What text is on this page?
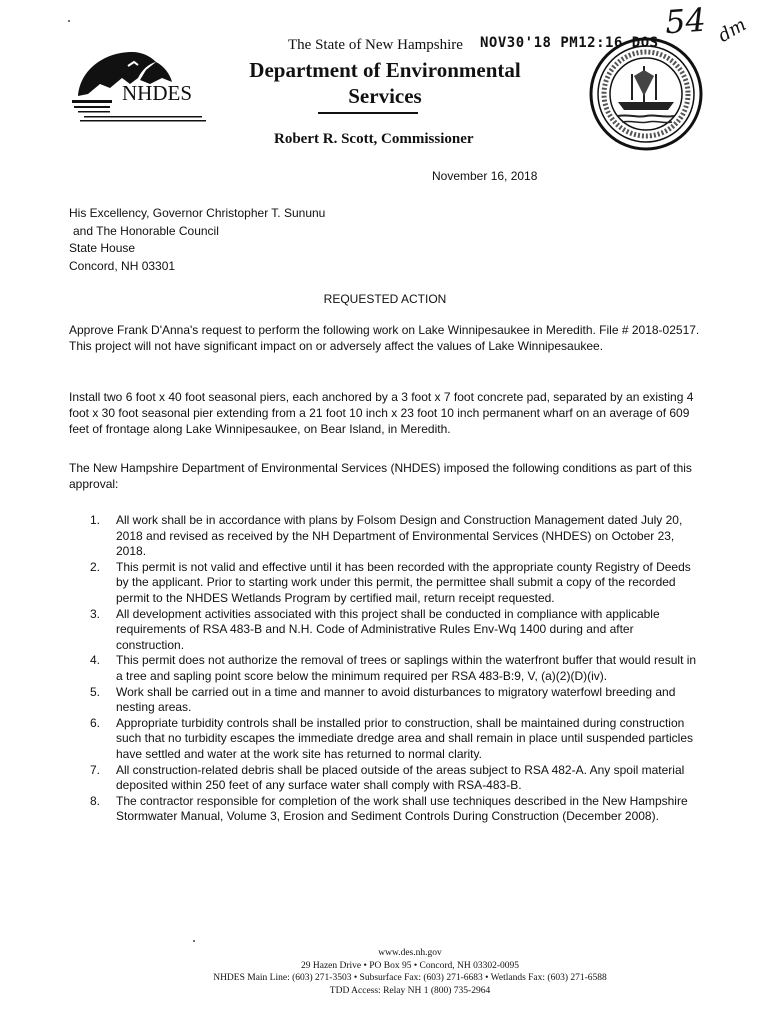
NHDES
The State of New Hampshire NOV30'18 PM12:16 DOS
Department of Environmental
Services
Robert R. Scott, Commissioner
54 dm
November 16, 2018
His Excellency, Governor Christopher T. Sununu
and The Honorable Council
State House
Concord, NH 03301
REQUESTED ACTION
Approve Frank D'Anna's request to perform the following work on Lake Winnipesaukee in Meredith. File # 2018-02517. This project will not have significant impact on or adversely affect the values of Lake Winnipesaukee.
Install two 6 foot x 40 foot seasonal piers, each anchored by a 3 foot x 7 foot concrete pad, separated by an existing 4 foot x 30 foot seasonal pier extending from a 21 foot 10 inch x 23 foot 10 inch permanent wharf on an average of 609 feet of frontage along Lake Winnipesaukee, on Bear Island, in Meredith.
The New Hampshire Department of Environmental Services (NHDES) imposed the following conditions as part of this approval:
1. All work shall be in accordance with plans by Folsom Design and Construction Management dated July 20, 2018 and revised as received by the NH Department of Environmental Services (NHDES) on October 23, 2018.
2. This permit is not valid and effective until it has been recorded with the appropriate county Registry of Deeds by the applicant. Prior to starting work under this permit, the permittee shall submit a copy of the recorded permit to the NHDES Wetlands Program by certified mail, return receipt requested.
3. All development activities associated with this project shall be conducted in compliance with applicable requirements of RSA 483-B and N.H. Code of Administrative Rules Env-Wq 1400 during and after construction.
4. This permit does not authorize the removal of trees or saplings within the waterfront buffer that would result in a tree and sapling point score below the minimum required per RSA 483-B:9, V, (a)(2)(D)(iv).
5. Work shall be carried out in a time and manner to avoid disturbances to migratory waterfowl breeding and nesting areas.
6. Appropriate turbidity controls shall be installed prior to construction, shall be maintained during construction such that no turbidity escapes the immediate dredge area and shall remain in place until suspended particles have settled and water at the work site has returned to normal clarity.
7. All construction-related debris shall be placed outside of the areas subject to RSA 482-A. Any spoil material deposited within 250 feet of any surface water shall comply with RSA-483-B.
8. The contractor responsible for completion of the work shall use techniques described in the New Hampshire Stormwater Manual, Volume 3, Erosion and Sediment Controls During Construction (December 2008).
www.des.nh.gov
29 Hazen Drive • PO Box 95 • Concord, NH 03302-0095
NHDES Main Line: (603) 271-3503 • Subsurface Fax: (603) 271-6683 • Wetlands Fax: (603) 271-6588
TDD Access: Relay NH 1 (800) 735-2964
